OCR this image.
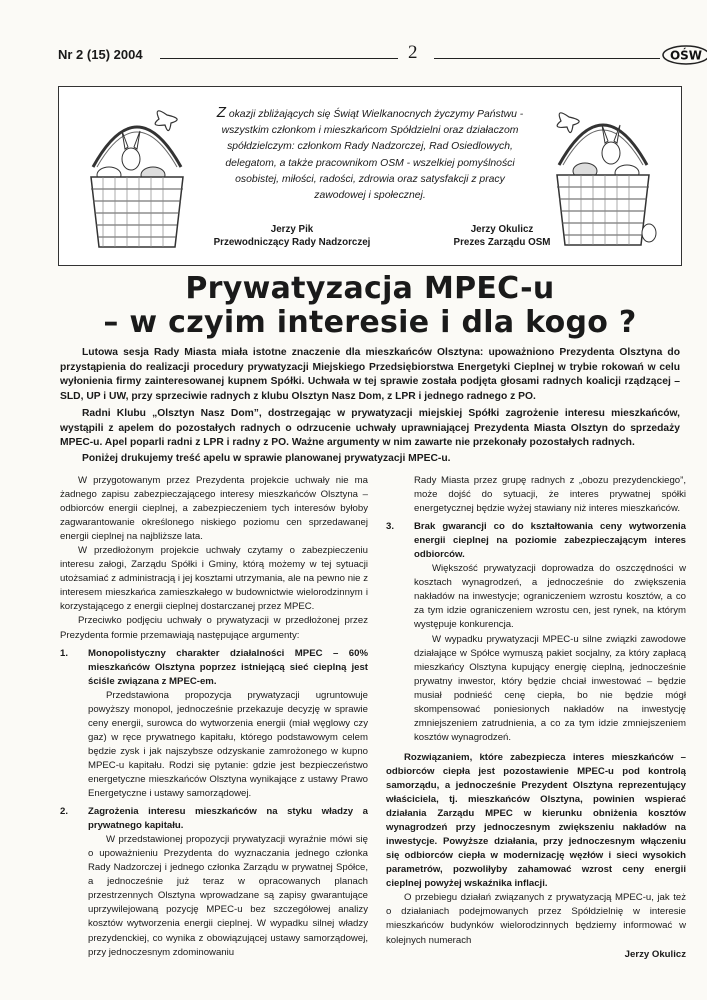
Nr 2 (15) 2004	2	OŚW
Z okazji zbliżających się Świąt Wielkanocnych życzymy Państwu - wszystkim członkom i mieszkańcom Spółdzielni oraz działaczom spółdzielczym: członkom Rady Nadzorczej, Rad Osiedlowych, delegatom, a także pracownikom OSM - wszelkiej pomyślności osobistej, miłości, radości, zdrowia oraz satysfakcji z pracy zawodowej i społecznej.
Jerzy Pik
Przewodniczący Rady Nadzorczej
Jerzy Okulicz
Prezes Zarządu OSM
Prywatyzacja MPEC-u
– w czyim interesie i dla kogo ?

Lutowa sesja Rady Miasta miała istotne znaczenie dla mieszkańców Olsztyna: upoważniono Prezydenta Olsztyna do przystąpienia do realizacji procedury prywatyzacji Miejskiego Przedsiębiorstwa Energetyki Cieplnej w trybie rokowań w celu wyłonienia firmy zainteresowanej kupnem Spółki. Uchwała w tej sprawie została podjęta głosami radnych koalicji rządzącej – SLD, UP i UW, przy sprzeciwie radnych z klubu Olsztyn Nasz Dom, z LPR i jednego radnego z PO.

Radni Klubu „Olsztyn Nasz Dom”, dostrzegając w prywatyzacji miejskiej Spółki zagrożenie interesu mieszkańców, wystąpili z apelem do pozostałych radnych o odrzucenie uchwały uprawniającej Prezydenta Miasta Olsztyn do sprzedaży MPEC-u. Apel poparli radni z LPR i radny z PO. Ważne argumenty w nim zawarte nie przekonały pozostałych radnych.

Poniżej drukujemy treść apelu w sprawie planowanej prywatyzacji MPEC-u.

W przygotowanym przez Prezydenta projekcie uchwały nie ma żadnego zapisu zabezpieczającego interesy mieszkańców Olsztyna – odbiorców energii cieplnej, a zabezpieczeniem tych interesów byłoby zagwarantowanie określonego niskiego poziomu cen sprzedawanej energii cieplnej na najbliższe lata.

W przedłożonym projekcie uchwały czytamy o zabezpieczeniu interesu załogi, Zarządu Spółki i Gminy, którą możemy w tej sytuacji utożsamiać z administracją i jej kosztami utrzymania, ale na pewno nie z interesem mieszkańca zamieszkałego w budownictwie wielorodzinnym i korzystającego z energii cieplnej dostarczanej przez MPEC.

Przeciwko podjęciu uchwały o prywatyzacji w przedłożonej przez Prezydenta formie przemawiają następujące argumenty:

1. Monopolistyczny charakter działalności MPEC – 60% mieszkańców Olsztyna poprzez istniejącą sieć cieplną jest ściśle związana z MPEC-em.

Przedstawiona propozycja prywatyzacji ugruntowuje powyższy monopol, jednocześnie przekazuje decyzję w sprawie ceny energii, surowca do wytworzenia energii (miał węglowy czy gaz) w ręce prywatnego kapitału, którego podstawowym celem będzie zysk i jak najszybsze odzyskanie zamrożonego w kupno MPEC-u kapitału. Rodzi się pytanie: gdzie jest bezpieczeństwo energetyczne mieszkańców Olsztyna wynikające z ustawy Prawo Energetyczne i ustawy samorządowej.

2. Zagrożenia interesu mieszkańców na styku władzy a prywatnego kapitału.

W przedstawionej propozycji prywatyzacji wyraźnie mówi się o upoważnieniu Prezydenta do wyznaczania jednego członka Rady Nadzorczej i jednego członka Zarządu w prywatnej Spółce, a jednocześnie już teraz w opracowanych planach przestrzennych Olsztyna wprowadzane są zapisy gwarantujące uprzywilejowaną pozycję MPEC-u bez szczegółowej analizy kosztów wytworzenia energii cieplnej. W wypadku silnej władzy prezydenckiej, co wynika z obowiązującej ustawy samorządowej, przy jednoczesnym zdominowaniu

Rady Miasta przez grupę radnych z „obozu prezydenckiego”, może dojść do sytuacji, że interes prywatnej spółki energetycznej będzie wyżej stawiany niż interes mieszkańców.

3. Brak gwarancji co do kształtowania ceny wytworzenia energii cieplnej na poziomie zabezpieczającym interes odbiorców.

Większość prywatyzacji doprowadza do oszczędności w kosztach wynagrodzeń, a jednocześnie do zwiększenia nakładów na inwestycje; ograniczeniem wzrostu kosztów, a co za tym idzie ograniczeniem wzrostu cen, jest rynek, na którym występuje konkurencja.

W wypadku prywatyzacji MPEC-u silne związki zawodowe działające w Spółce wymuszą pakiet socjalny, za który zapłacą mieszkańcy Olsztyna kupujący energię cieplną, jednocześnie prywatny inwestor, który będzie chciał inwestować – będzie musiał podnieść cenę ciepła, bo nie będzie mógł skompensować poniesionych nakładów na inwestycję zmniejszeniem zatrudnienia, a co za tym idzie zmniejszeniem kosztów wynagrodzeń.

Rozwiązaniem, które zabezpiecza interes mieszkańców – odbiorców ciepła jest pozostawienie MPEC-u pod kontrolą samorządu, a jednocześnie Prezydent Olsztyna reprezentujący właściciela, tj. mieszkańców Olsztyna, powinien wspierać działania Zarządu MPEC w kierunku obniżenia kosztów wynagrodzeń przy jednoczesnym zwiększeniu nakładów na inwestycje. Powyższe działania, przy jednoczesnym włączeniu się odbiorców ciepła w modernizację węzłów i sieci wysokich parametrów, pozwoliłyby zahamować wzrost ceny energii cieplnej powyżej wskaźnika inflacji.

O przebiegu działań związanych z prywatyzacją MPEC-u, jak też o działaniach podejmowanych przez Spółdzielnię w interesie mieszkańców budynków wielorodzinnych będziemy informować w kolejnych numerach

Jerzy Okulicz
